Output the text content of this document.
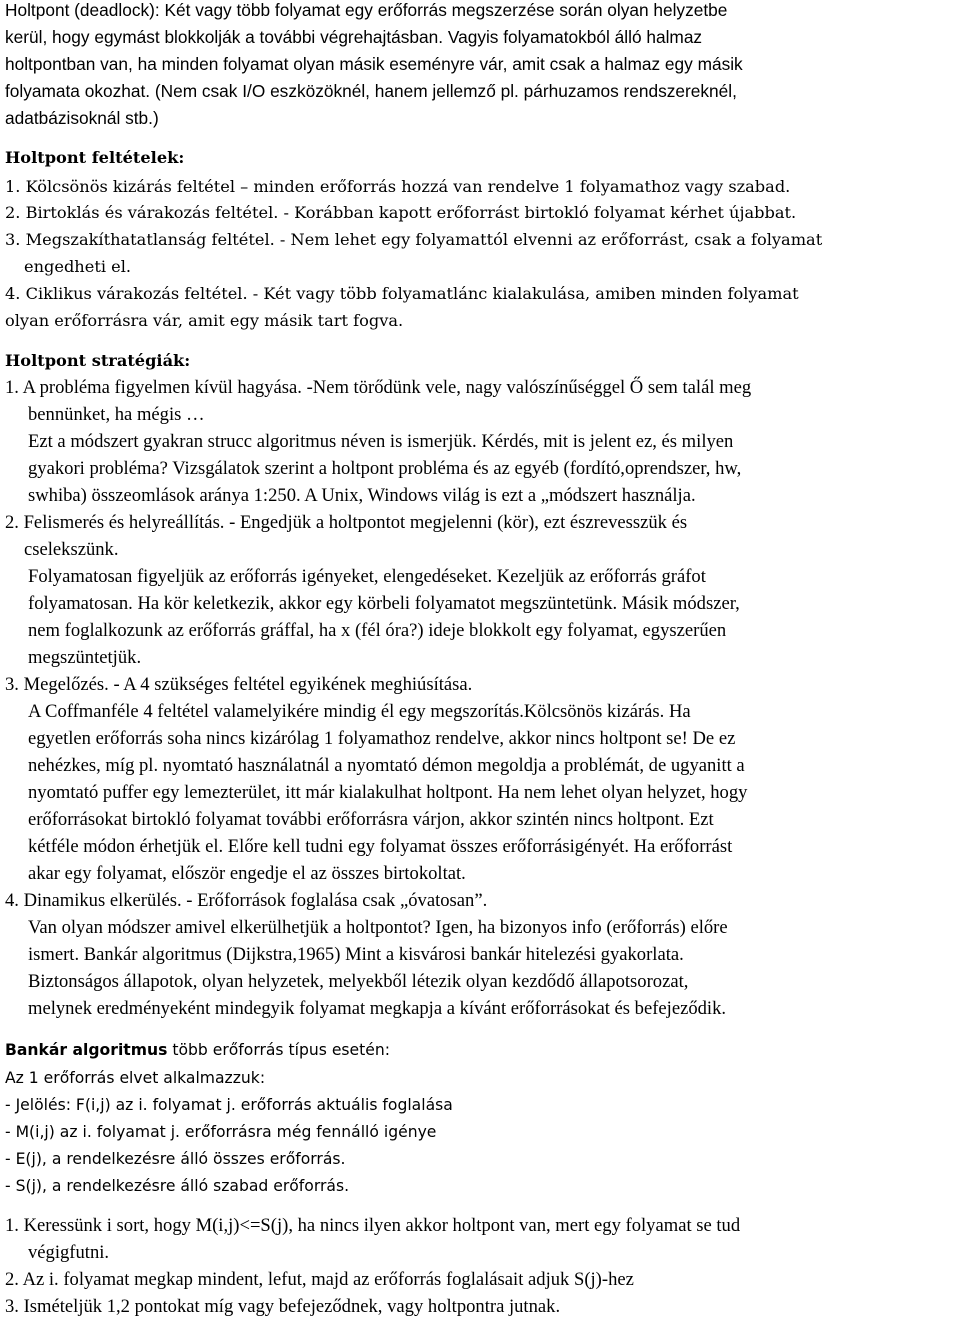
Holtpont (deadlock): Két vagy több folyamat egy erőforrás megszerzése során olyan helyzetbe
kerül, hogy egymást blokkolják a további végrehajtásban. Vagyis folyamatokból álló halmaz
holtpontban van, ha minden folyamat olyan másik eseményre vár, amit csak a halmaz egy másik
folyamata okozhat. (Nem csak I/O eszközöknél, hanem jellemző pl. párhuzamos rendszereknél,
adatbázisoknál stb.)
Holtpont feltételek:
1. Kölcsönös kizárás feltétel – minden erőforrás hozzá van rendelve 1 folyamathoz vagy szabad.
2. Birtoklás és várakozás feltétel. - Korábban kapott erőforrást birtokló folyamat kérhet újabbat.
3. Megszakíthatatlanság feltétel. - Nem lehet egy folyamattól elvenni az erőforrást, csak a folyamat
engedheti el.
4. Ciklikus várakozás feltétel. - Két vagy több folyamatlánc kialakulása, amiben minden folyamat
olyan erőforrásra vár, amit egy másik tart fogva.
Holtpont stratégiák:
1. A probléma figyelmen kívül hagyása. -Nem törődünk vele, nagy valószínűséggel Ő sem talál meg
bennünket, ha mégis …
Ezt a módszert gyakran strucc algoritmus néven is ismerjük. Kérdés, mit is jelent ez, és milyen
gyakori probléma? Vizsgálatok szerint a holtpont probléma és az egyéb (fordító,oprendszer, hw,
swhiba) összeomlások aránya 1:250. A Unix, Windows világ is ezt a „módszert használja.
2. Felismerés és helyreállítás. - Engedjük a holtpontot megjelenni (kör), ezt észrevesszük és
cselekszünk.
Folyamatosan figyeljük az erőforrás igényeket, elengedéseket. Kezeljük az erőforrás gráfot
folyamatosan. Ha kör keletkezik, akkor egy körbeli folyamatot megszüntetünk. Másik módszer,
nem foglalkozunk az erőforrás gráffal, ha x (fél óra?) ideje blokkolt egy folyamat, egyszerűen
megszüntetjük.
3. Megelőzés. - A 4 szükséges feltétel egyikének meghiúsítása.
A Coffmanféle 4 feltétel valamelyikére mindig él egy megszorítás.Kölcsönös kizárás. Ha
egyetlen erőforrás soha nincs kizárólag 1 folyamathoz rendelve, akkor nincs holtpont se! De ez
nehézkes, míg pl. nyomtató használatnál a nyomtató démon megoldja a problémát, de ugyanitt a
nyomtató puffer egy lemezterület, itt már kialakulhat holtpont. Ha nem lehet olyan helyzet, hogy
erőforrásokat birtokló folyamat további erőforrásra várjon, akkor szintén nincs holtpont. Ezt
kétféle módon érhetjük el. Előre kell tudni egy folyamat összes erőforrásigényét. Ha erőforrást
akar egy folyamat, először engedje el az összes birtokoltat.
4. Dinamikus elkerülés. - Erőforrások foglalása csak „óvatosan”.
Van olyan módszer amivel elkerülhetjük a holtpontot? Igen, ha bizonyos info (erőforrás) előre
ismert. Bankár algoritmus (Dijkstra,1965) Mint a kisvárosi bankár hitelezési gyakorlata.
Biztonságos állapotok, olyan helyzetek, melyekből létezik olyan kezdődő állapotsorozat,
melynek eredményeként mindegyik folyamat megkapja a kívánt erőforrásokat és befejeződik.
Bankár algoritmus több erőforrás típus esetén:
Az 1 erőforrás elvet alkalmazzuk:
- Jelölés: F(i,j) az i. folyamat j. erőforrás aktuális foglalása
- M(i,j) az i. folyamat j. erőforrásra még fennálló igénye
- E(j), a rendelkezésre álló összes erőforrás.
- S(j), a rendelkezésre álló szabad erőforrás.
1. Keressünk i sort, hogy M(i,j)<=S(j), ha nincs ilyen akkor holtpont van, mert egy folyamat se tud
végigfutni.
2. Az i. folyamat megkap mindent, lefut, majd az erőforrás foglalásait adjuk S(j)-hez
3. Ismételjük 1,2 pontokat míg vagy befejeződnek, vagy holtpontra jutnak.
